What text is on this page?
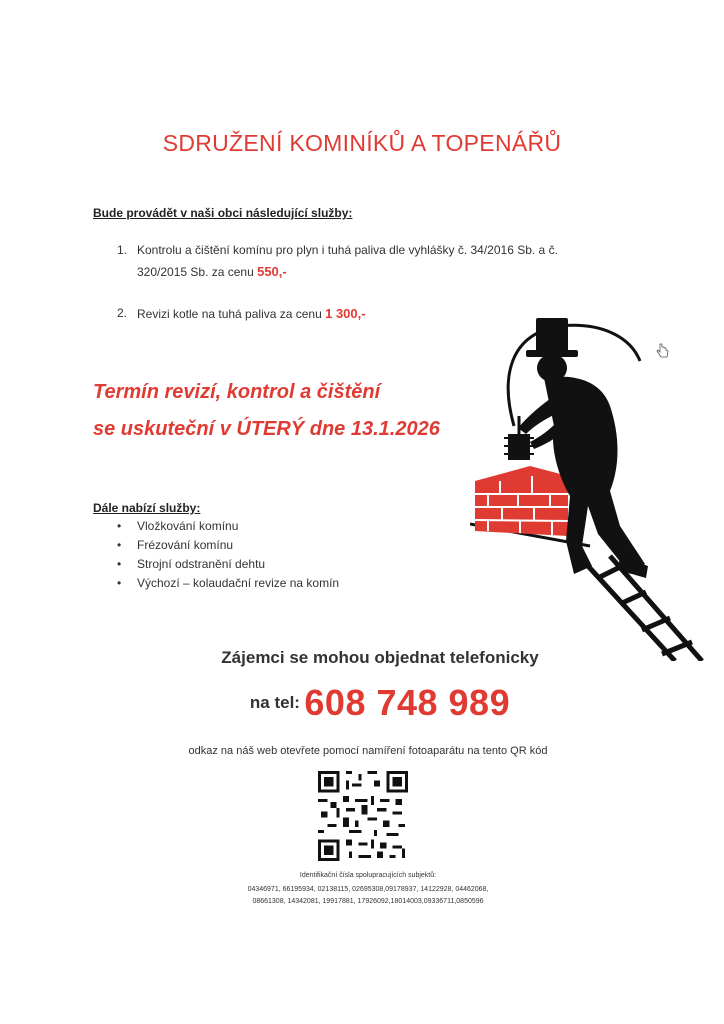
SDRUŽENÍ KOMINÍKŮ A TOPENÁŘŮ
Bude provádět v naši obci následující služby:
1. Kontrolu a čištění komínu pro plyn i tuhá paliva dle vyhlášky č. 34/2016 Sb. a č.
320/2015 Sb. za cenu 550,-
2. Revizi kotle na tuhá paliva za cenu 1 300,-
Termín revizí, kontrol a čištění
se uskuteční v ÚTERÝ dne 13.1.2026
Dále nabízí služby:
• Vložkování komínu
• Frézování komínu
• Strojní odstranění dehtu
• Výchozí – kolaudační revize na komín
Zájemci se mohou objednat telefonicky
na tel: 608 748 989
odkaz na náš web otevřete pomocí namíření fotoaparátu na tento QR kód
Identifikační čísla spolupracujících subjektů:
04346971, 66195934, 02138115, 02695308,09178937, 14122928, 04462068,
08661308, 14342081, 19917881, 17926092,18014003,09336711,0850596
